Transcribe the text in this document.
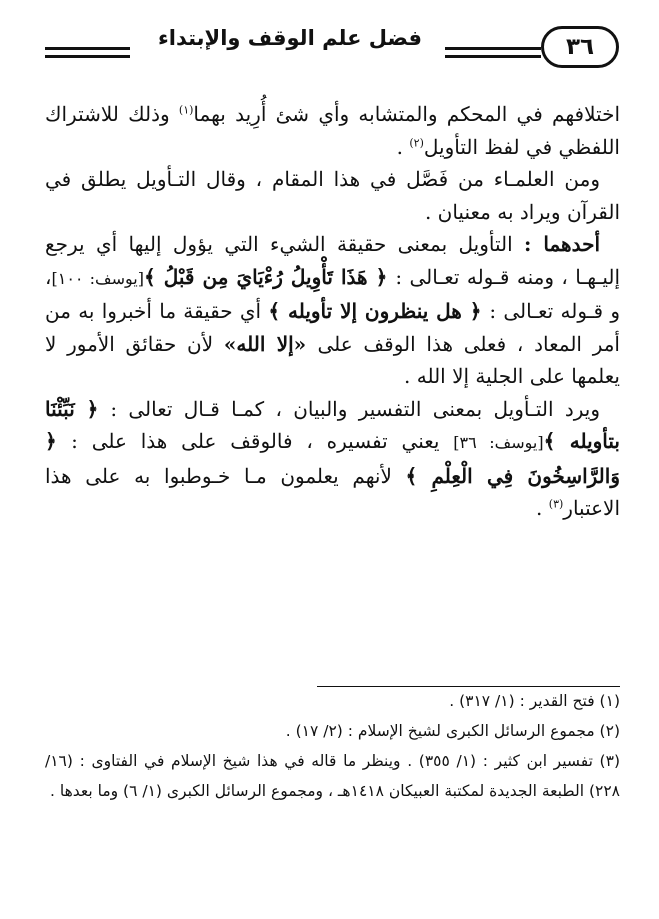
فضل علم الوقف والإبتداء	٣٦

اختلافهم في المحكم والمتشابه وأي شئ أُرِيد بهما$^{(١)}$ وذلك للاشتراك اللفظي في لفظ التأويل$^{(٢)}$ .

ومن العلمـاء من فَصَّل في هذا المقام ، وقال التـأويل يطلق في القرآن ويراد به معنيان .

أحدهما : التأويل بمعنى حقيقة الشيء التي يؤول إليها أي يرجع إليـهـا ، ومنه قـوله تعـالى : ﴿ هَذَا تَأْوِيلُ رُءْيَايَ مِن قَبْلُ ﴾[يوسف: ١٠٠]، و قـوله تعـالى : ﴿ هل ينظرون إلا تأويله ﴾ أي حقيقة ما أخبروا به من أمر المعاد ، فعلى هذا الوقف على «إلا الله» لأن حقائق الأمور لا يعلمها على الجلية إلا الله .

ويرد التـأويل بمعنى التفسير والبيان ، كمـا قـال تعالى : ﴿ نَبِّئْنَا بتأويله ﴾[يوسف: ٣٦] يعني تفسيره ، فالوقف على هذا على : ﴿ وَالرَّاسِخُونَ فِي الْعِلْمِ ﴾ لأنهم يعلمون مـا خـوطبوا به على هذا الاعتبار$^{(٣)}$ .

(١) فتح القدير : (١/ ٣١٧) .

(٢) مجموع الرسائل الكبرى لشيخ الإسلام : (٢/ ١٧) .

(٣) تفسير ابن كثير : (١/ ٣٥٥) . وينظر ما قاله في هذا شيخ الإسلام في الفتاوى : (١٦/ ٢٢٨) الطبعة الجديدة لمكتبة العبيكان ١٤١٨هـ ، ومجموع الرسائل الكبرى (١/ ٦) وما بعدها .
